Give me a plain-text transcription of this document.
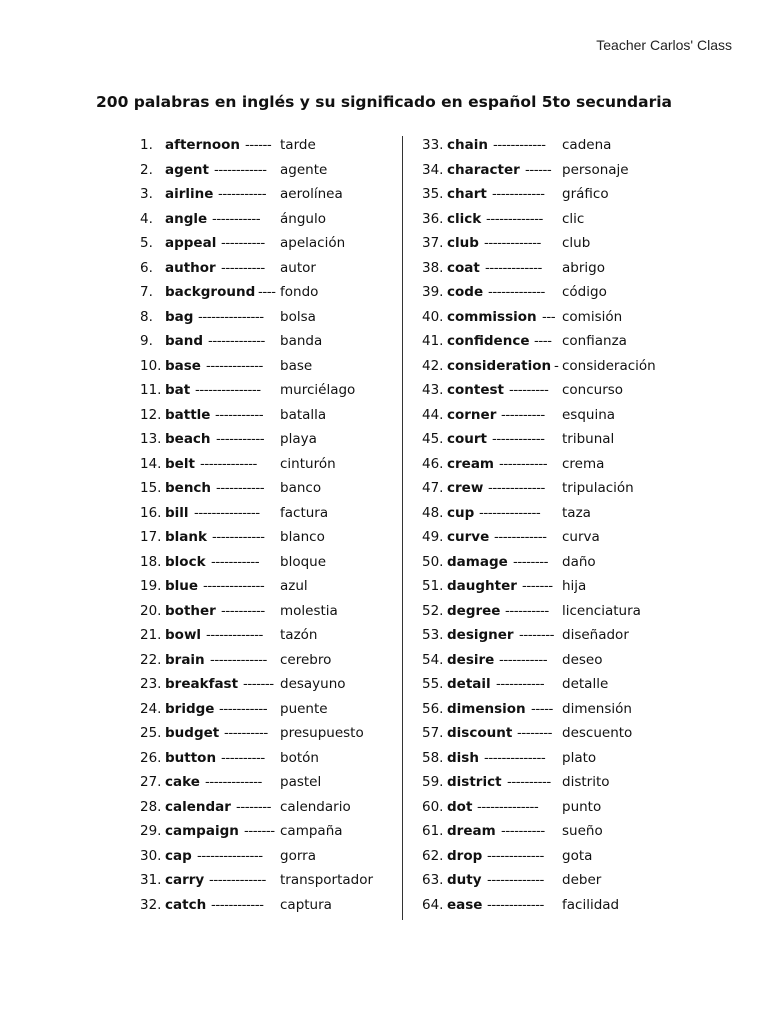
Teacher Carlos' Class
200 palabras en inglés y su significado en español 5to secundaria
1. afternoon ------ tarde
2. agent ------------ agente
3. airline ----------- aerolínea
4. angle ----------- ángulo
5. appeal ---------- apelación
6. author ---------- autor
7. background ---- fondo
8. bag --------------- bolsa
9. band ------------- banda
10. base ------------- base
11. bat --------------- murciélago
12. battle ----------- batalla
13. beach ----------- playa
14. belt ------------- cinturón
15. bench ----------- banco
16. bill --------------- factura
17. blank ------------ blanco
18. block ----------- bloque
19. blue -------------- azul
20. bother ---------- molestia
21. bowl ------------- tazón
22. brain ------------- cerebro
23. breakfast ------- desayuno
24. bridge ----------- puente
25. budget ---------- presupuesto
26. button ---------- botón
27. cake ------------- pastel
28. calendar -------- calendario
29. campaign ------- campaña
30. cap --------------- gorra
31. carry ------------- transportador
32. catch ------------ captura
33. chain ------------ cadena
34. character ------ personaje
35. chart ------------ gráfico
36. click ------------- clic
37. club ------------- club
38. coat ------------- abrigo
39. code ------------- código
40. commission --- comisión
41. confidence ---- confianza
42. consideration - consideración
43. contest --------- concurso
44. corner ---------- esquina
45. court ------------ tribunal
46. cream ----------- crema
47. crew ------------- tripulación
48. cup -------------- taza
49. curve ------------ curva
50. damage -------- daño
51. daughter ------- hija
52. degree ---------- licenciatura
53. designer -------- diseñador
54. desire ----------- deseo
55. detail ----------- detalle
56. dimension ----- dimensión
57. discount -------- descuento
58. dish -------------- plato
59. district ---------- distrito
60. dot -------------- punto
61. dream ---------- sueño
62. drop ------------- gota
63. duty ------------- deber
64. ease ------------- facilidad
